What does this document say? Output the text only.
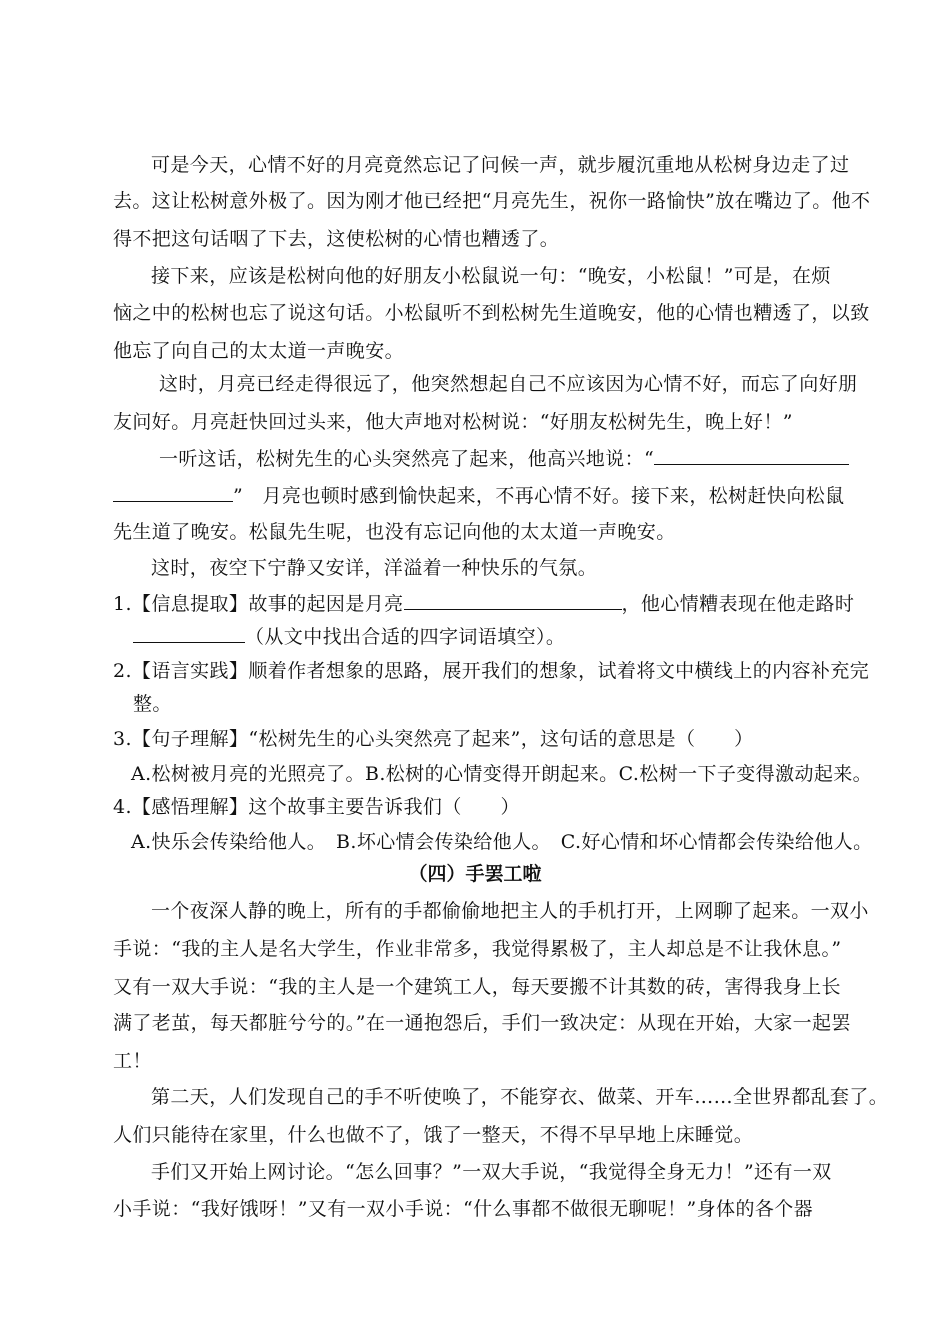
可是今天，心情不好的月亮竟然忘记了问候一声，就步履沉重地从松树身边走了过
去。这让松树意外极了。因为刚才他已经把“月亮先生，祝你一路愉快”放在嘴边了。他不
得不把这句话咽了下去，这使松树的心情也糟透了。
接下来，应该是松树向他的好朋友小松鼠说一句：“晚安，小松鼠！”可是，在烦
恼之中的松树也忘了说这句话。小松鼠听不到松树先生道晚安，他的心情也糟透了，以致
他忘了向自己的太太道一声晚安。
这时，月亮已经走得很远了，他突然想起自己不应该因为心情不好，而忘了向好朋
友问好。月亮赶快回过头来，他大声地对松树说：“好朋友松树先生，晚上好！”
一听这话，松树先生的心头突然亮了起来，他高兴地说：“
”　月亮也顿时感到愉快起来，不再心情不好。接下来，松树赶快向松鼠
先生道了晚安。松鼠先生呢，也没有忘记向他的太太道一声晚安。
这时，夜空下宁静又安详，洋溢着一种快乐的气氛。
1.【信息提取】故事的起因是月亮	，他心情糟表现在他走路时
（从文中找出合适的四字词语填空）。
2.【语言实践】顺着作者想象的思路，展开我们的想象，试着将文中横线上的内容补充完
整。
3.【句子理解】“松树先生的心头突然亮了起来”，这句话的意思是（　　）
A.松树被月亮的光照亮了。B.松树的心情变得开朗起来。C.松树一下子变得激动起来。
4.【感悟理解】这个故事主要告诉我们（　　）
A.快乐会传染给他人。　B.坏心情会传染给他人。　C.好心情和坏心情都会传染给他人。
（四）手罢工啦
一个夜深人静的晚上，所有的手都偷偷地把主人的手机打开，上网聊了起来。一双小
手说：“我的主人是名大学生，作业非常多，我觉得累极了，主人却总是不让我休息。”
又有一双大手说：“我的主人是一个建筑工人，每天要搬不计其数的砖，害得我身上长
满了老茧，每天都脏兮兮的。”在一通抱怨后，手们一致决定：从现在开始，大家一起罢
工！
第二天，人们发现自己的手不听使唤了，不能穿衣、做菜、开车……全世界都乱套了。
人们只能待在家里，什么也做不了，饿了一整天，不得不早早地上床睡觉。
手们又开始上网讨论。“怎么回事？”一双大手说，“我觉得全身无力！”还有一双
小手说：“我好饿呀！”又有一双小手说：“什么事都不做很无聊呢！”身体的各个器
